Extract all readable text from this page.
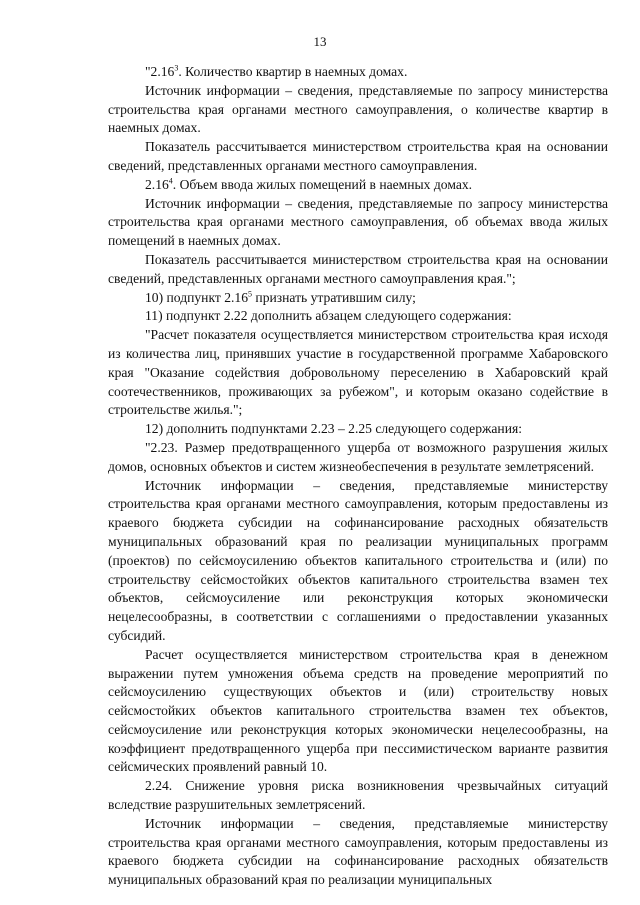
13

"2.16$^3$. Количество квартир в наемных домах.

Источник информации – сведения, представляемые по запросу министерства строительства края органами местного самоуправления, о количестве квартир в наемных домах.

Показатель рассчитывается министерством строительства края на основании сведений, представленных органами местного самоуправления.

2.16$^4$. Объем ввода жилых помещений в наемных домах.

Источник информации – сведения, представляемые по запросу министерства строительства края органами местного самоуправления, об объемах ввода жилых помещений в наемных домах.

Показатель рассчитывается министерством строительства края на основании сведений, представленных органами местного самоуправления края.";

10) подпункт 2.16$^5$ признать утратившим силу;

11) подпункт 2.22 дополнить абзацем следующего содержания:

"Расчет показателя осуществляется министерством строительства края исходя из количества лиц, принявших участие в государственной программе Хабаровского края "Оказание содействия добровольному переселению в Хабаровский край соотечественников, проживающих за рубежом", и которым оказано содействие в строительстве жилья.";

12) дополнить подпунктами 2.23 – 2.25 следующего содержания:

"2.23. Размер предотвращенного ущерба от возможного разрушения жилых домов, основных объектов и систем жизнеобеспечения в результате землетрясений.

Источник информации – сведения, представляемые министерству строительства края органами местного самоуправления, которым предоставлены из краевого бюджета субсидии на софинансирование расходных обязательств муниципальных образований края по реализации муниципальных программ (проектов) по сейсмоусилению объектов капитального строительства и (или) по строительству сейсмостойких объектов капитального строительства взамен тех объектов, сейсмоусиление или реконструкция которых экономически нецелесообразны, в соответствии с соглашениями о предоставлении указанных субсидий.

Расчет осуществляется министерством строительства края в денежном выражении путем умножения объема средств на проведение мероприятий по сейсмоусилению существующих объектов и (или) строительству новых сейсмостойких объектов капитального строительства взамен тех объектов, сейсмоусиление или реконструкция которых экономически нецелесообразны, на коэффициент предотвращенного ущерба при пессимистическом варианте развития сейсмических проявлений равный 10.

2.24. Снижение уровня риска возникновения чрезвычайных ситуаций вследствие разрушительных землетрясений.

Источник информации – сведения, представляемые министерству строительства края органами местного самоуправления, которым предоставлены из краевого бюджета субсидии на софинансирование расходных обязательств муниципальных образований края по реализации муниципальных
